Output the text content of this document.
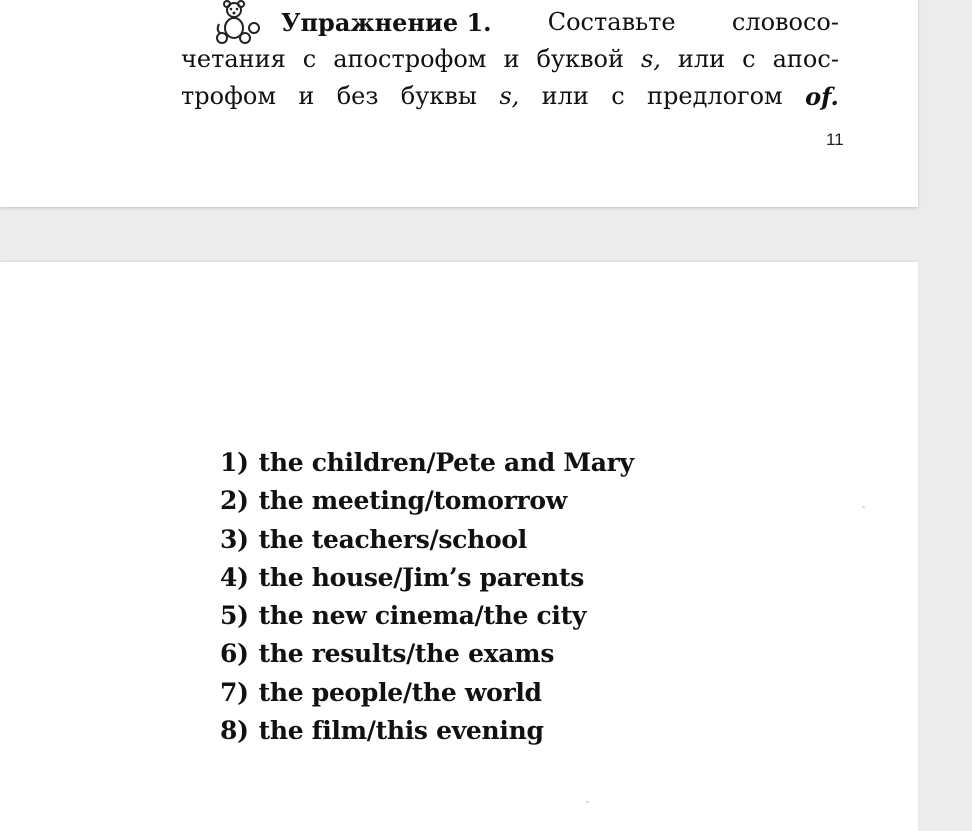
Упражнение 1. Составьте словосо-
четания с апострофом и буквой s, или с апос-
трофом и без буквы s, или с предлогом of.
11
1) the children/Pete and Mary
2) the meeting/tomorrow
3) the teachers/school
4) the house/Jim’s parents
5) the new cinema/the city
6) the results/the exams
7) the people/the world
8) the film/this evening
